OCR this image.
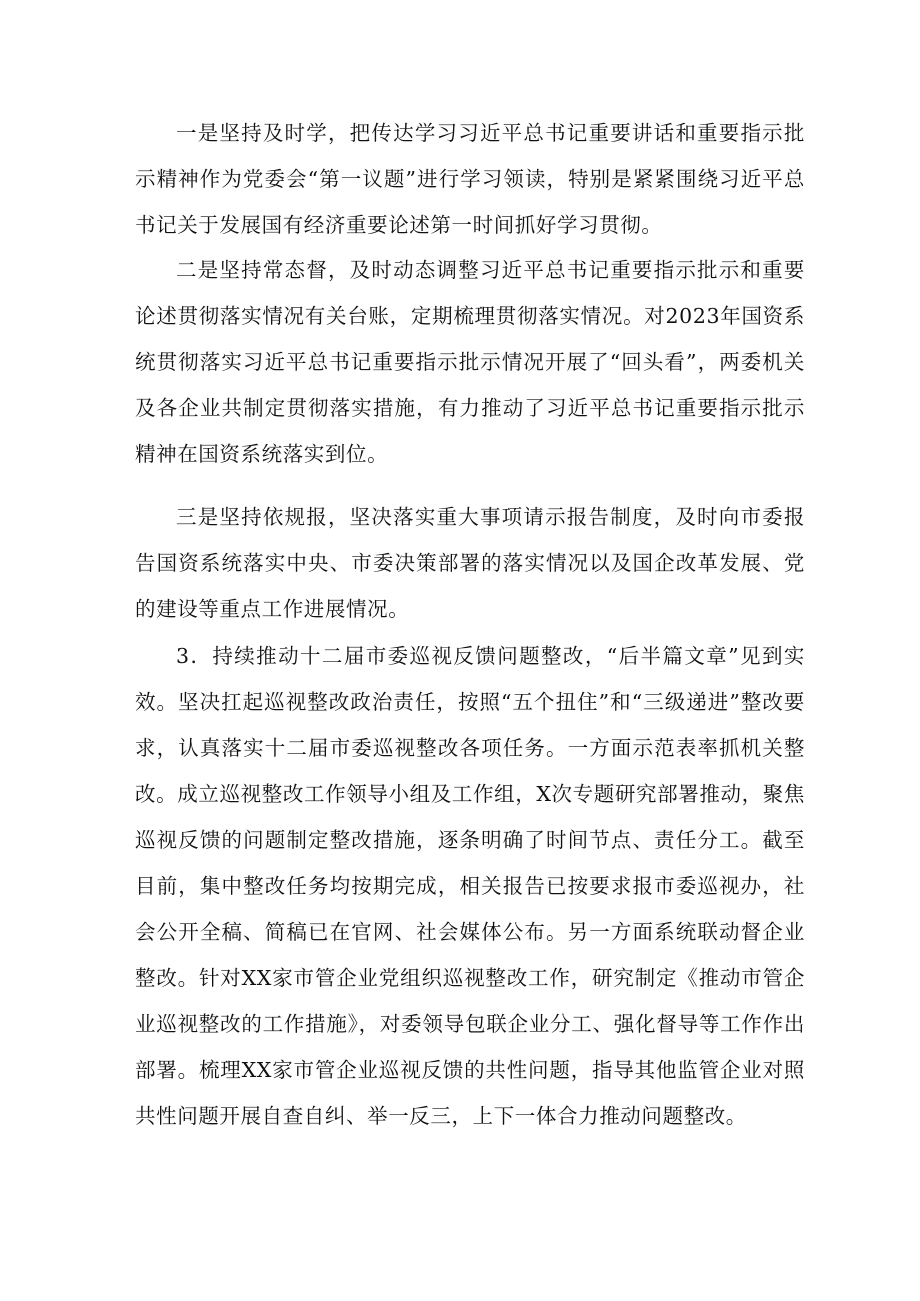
一是坚持及时学，把传达学习习近平总书记重要讲话和重要指示批示精神作为党委会“第一议题”进行学习领读，特别是紧紧围绕习近平总书记关于发展国有经济重要论述第一时间抓好学习贯彻。

二是坚持常态督，及时动态调整习近平总书记重要指示批示和重要论述贯彻落实情况有关台账，定期梳理贯彻落实情况。对2023年国资系统贯彻落实习近平总书记重要指示批示情况开展了“回头看”，两委机关及各企业共制定贯彻落实措施，有力推动了习近平总书记重要指示批示精神在国资系统落实到位。

三是坚持依规报，坚决落实重大事项请示报告制度，及时向市委报告国资系统落实中央、市委决策部署的落实情况以及国企改革发展、党的建设等重点工作进展情况。

3．持续推动十二届市委巡视反馈问题整改，“后半篇文章”见到实效。坚决扛起巡视整改政治责任，按照“五个扭住”和“三级递进”整改要求，认真落实十二届市委巡视整改各项任务。一方面示范表率抓机关整改。成立巡视整改工作领导小组及工作组，X次专题研究部署推动，聚焦巡视反馈的问题制定整改措施，逐条明确了时间节点、责任分工。截至目前，集中整改任务均按期完成，相关报告已按要求报市委巡视办，社会公开全稿、简稿已在官网、社会媒体公布。另一方面系统联动督企业整改。针对XX家市管企业党组织巡视整改工作，研究制定《推动市管企业巡视整改的工作措施》，对委领导包联企业分工、强化督导等工作作出部署。梳理XX家市管企业巡视反馈的共性问题，指导其他监管企业对照共性问题开展自查自纠、举一反三，上下一体合力推动问题整改。
